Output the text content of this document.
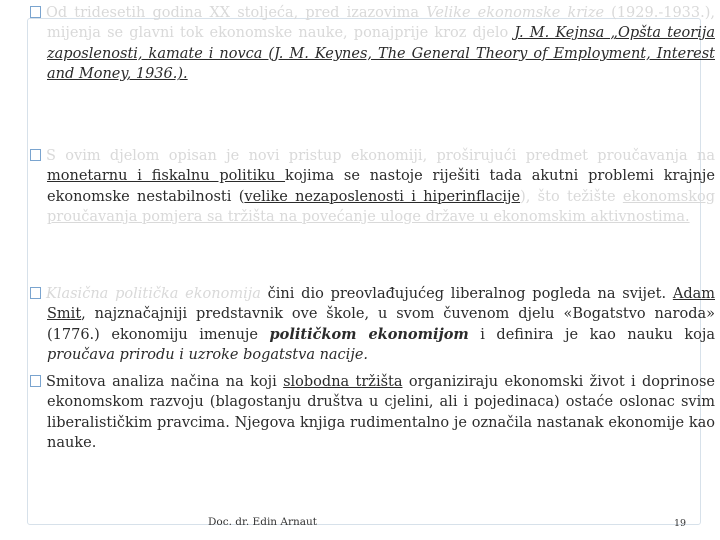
Od tridesetih godina XX stoljeća, pred izazovima Velike ekonomske krize (1929.-1933.), mijenja se glavni tok ekonomske nauke, ponajprije kroz djelo J. M. Kejnsa „Opšta teorija zaposlenosti, kamate i novca (J. M. Keynes, The General Theory of Employment, Interest and Money, 1936.).
S ovim djelom opisan je novi pristup ekonomiji, proširujući predmet proučavanja na monetarnu i fiskalnu politiku kojima se nastoje riješiti tada akutni problemi krajnje ekonomske nestabilnosti (velike nezaposlenosti i hiperinflacije), što težište ekonomskog proučavanja pomjera sa tržišta na povećanje uloge države u ekonomskim aktivnostima.
Klasična politička ekonomija čini dio preovlađujućeg liberalnog pogleda na svijet. Adam Smit, najznačajniji predstavnik ove škole, u svom čuvenom djelu «Bogatstvo naroda» (1776.) ekonomiju imenuje političkom ekonomijom i definira je kao nauku koja proučava prirodu i uzroke bogatstva nacije.
Smitova analiza načina na koji slobodna tržišta organiziraju ekonomski život i doprinose ekonomskom razvoju (blagostanju društva u cjelini, ali i pojedinaca) ostaće oslonac svim liberalističkim pravcima. Njegova knjiga rudimentalno je označila nastanak ekonomije kao nauke.
Doc. dr. Edin Arnaut	19
